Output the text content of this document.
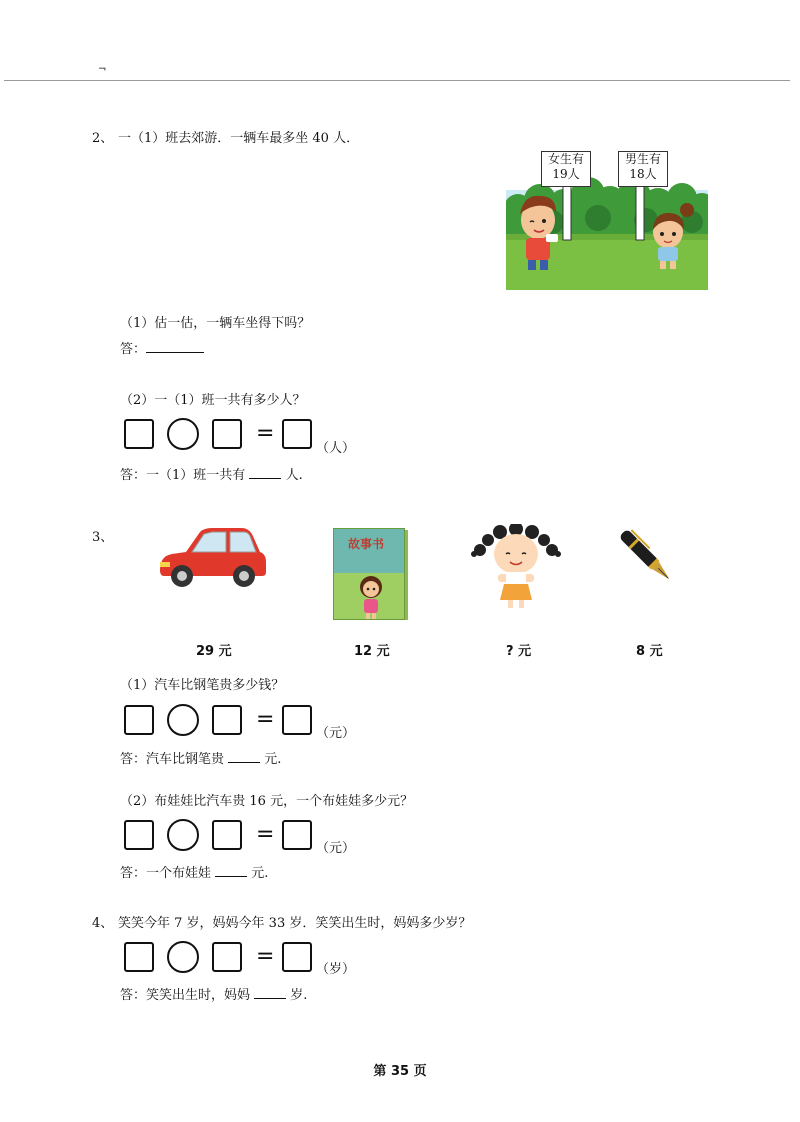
¬
2、 一（1）班去郊游．一辆车最多坐 40 人．
女生有
19人
男生有
18人
（1）估一估，一辆车坐得下吗？
答：
（2）一（1）班一共有多少人？
=
（人）
答：一（1）班一共有	人.
3、	故事书
29 元	12 元	? 元	8 元
（1）汽车比钢笔贵多少钱？
=
（元）
答：汽车比钢笔贵	元.
（2）布娃娃比汽车贵 16 元，一个布娃娃多少元？
=
（元）
答：一个布娃娃	元.
4、 笑笑今年 7 岁，妈妈今年 33 岁．笑笑出生时，妈妈多少岁？
=
（岁）
答：笑笑出生时，妈妈	岁.
第 35 页
